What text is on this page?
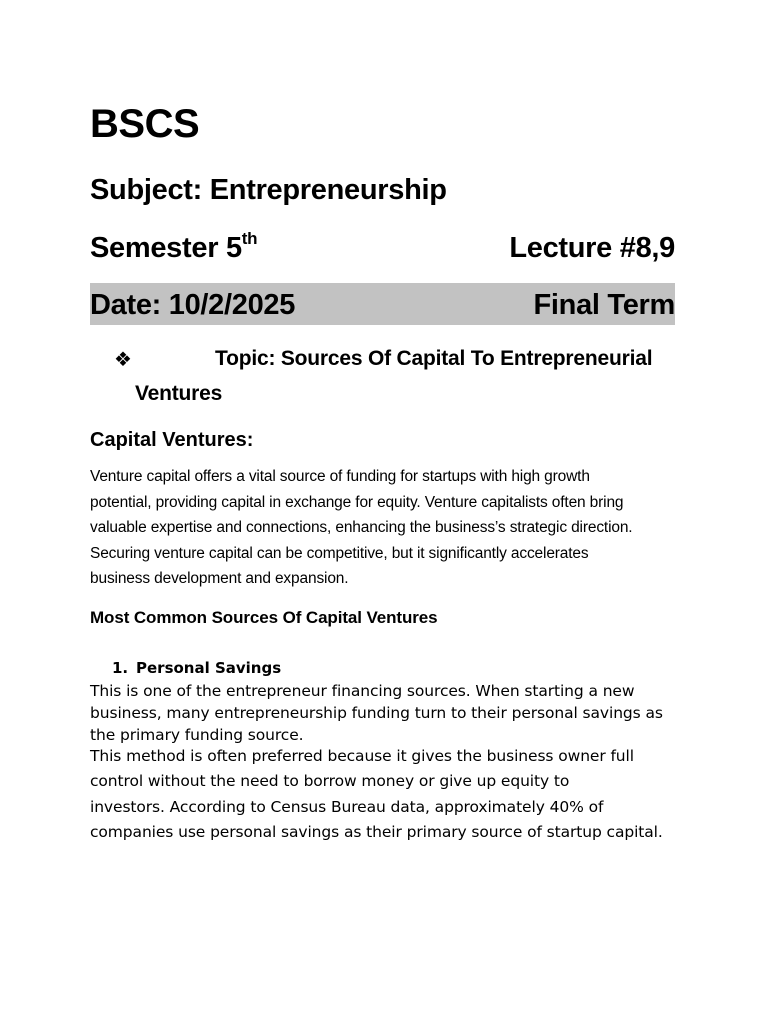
BSCS
Subject: Entrepreneurship
Semester 5th	Lecture #8,9
Date: 10/2/2025	Final Term
❖	Topic: Sources Of Capital To Entrepreneurial
Ventures
Capital Ventures:
Venture capital offers a vital source of funding for startups with high growth
potential, providing capital in exchange for equity. Venture capitalists often bring
valuable expertise and connections, enhancing the business’s strategic direction.
Securing venture capital can be competitive, but it significantly accelerates
business development and expansion.
Most Common Sources Of Capital Ventures
1. Personal Savings
This is one of the entrepreneur financing sources. When starting a new
business, many entrepreneurship funding turn to their personal savings as
the primary funding source.
This method is often preferred because it gives the business owner full
control without the need to borrow money or give up equity to
investors. According to Census Bureau data, approximately 40% of
companies use personal savings as their primary source of startup capital.
